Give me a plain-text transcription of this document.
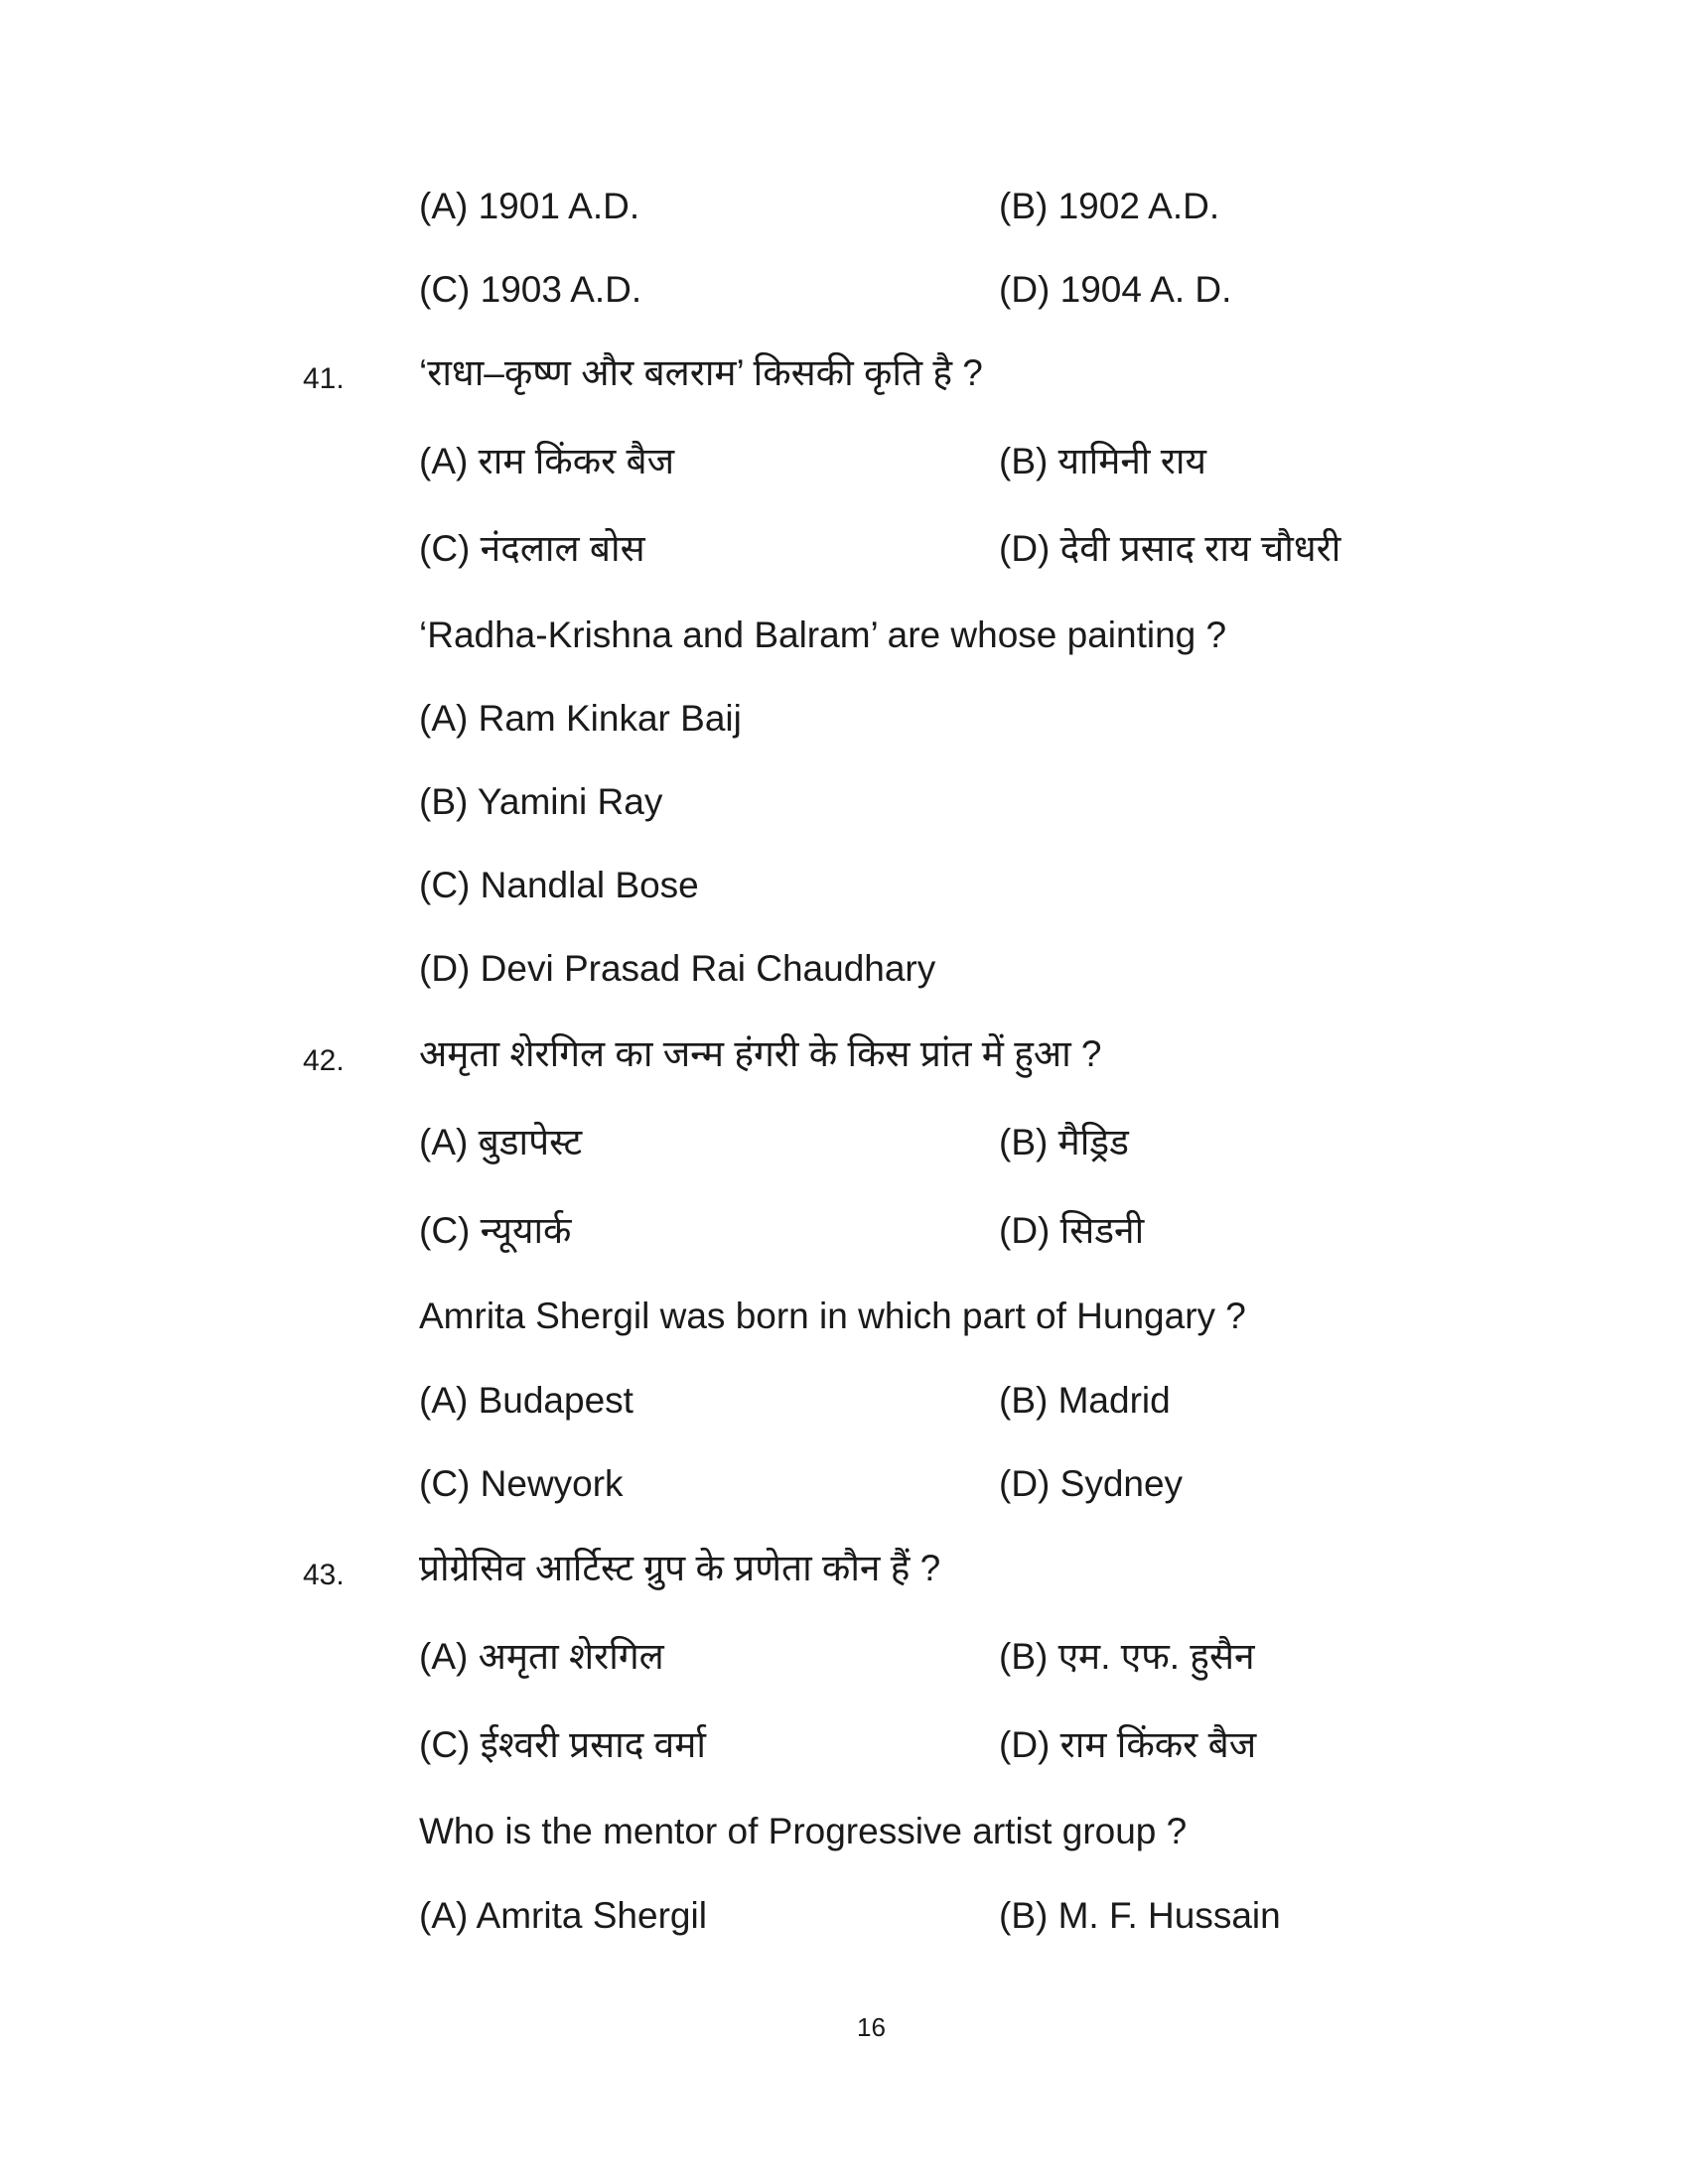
(A) 1901 A.D.	(B) 1902 A.D.
(C) 1903 A.D.	(D) 1904 A. D.
41. ‘राधा–कृष्ण और बलराम’ किसकी कृति है ?
(A) राम किंकर बैज	(B) यामिनी राय
(C) नंदलाल बोस	(D) देवी प्रसाद राय चौधरी
‘Radha-Krishna and Balram’ are whose painting ?
(A) Ram Kinkar Baij
(B) Yamini Ray
(C) Nandlal Bose
(D) Devi Prasad Rai Chaudhary
42. अमृता शेरगिल का जन्म हंगरी के किस प्रांत में हुआ ?
(A) बुडापेस्ट	(B) मैड्रिड
(C) न्यूयार्क	(D) सिडनी
Amrita Shergil was born in which part of Hungary ?
(A) Budapest	(B) Madrid
(C) Newyork	(D) Sydney
43. प्रोग्रेसिव आर्टिस्ट ग्रुप के प्रणेता कौन हैं ?
(A) अमृता शेरगिल	(B) एम. एफ. हुसैन
(C) ईश्वरी प्रसाद वर्मा	(D) राम किंकर बैज
Who is the mentor of Progressive artist group ?
(A) Amrita Shergil	(B) M. F. Hussain
16
